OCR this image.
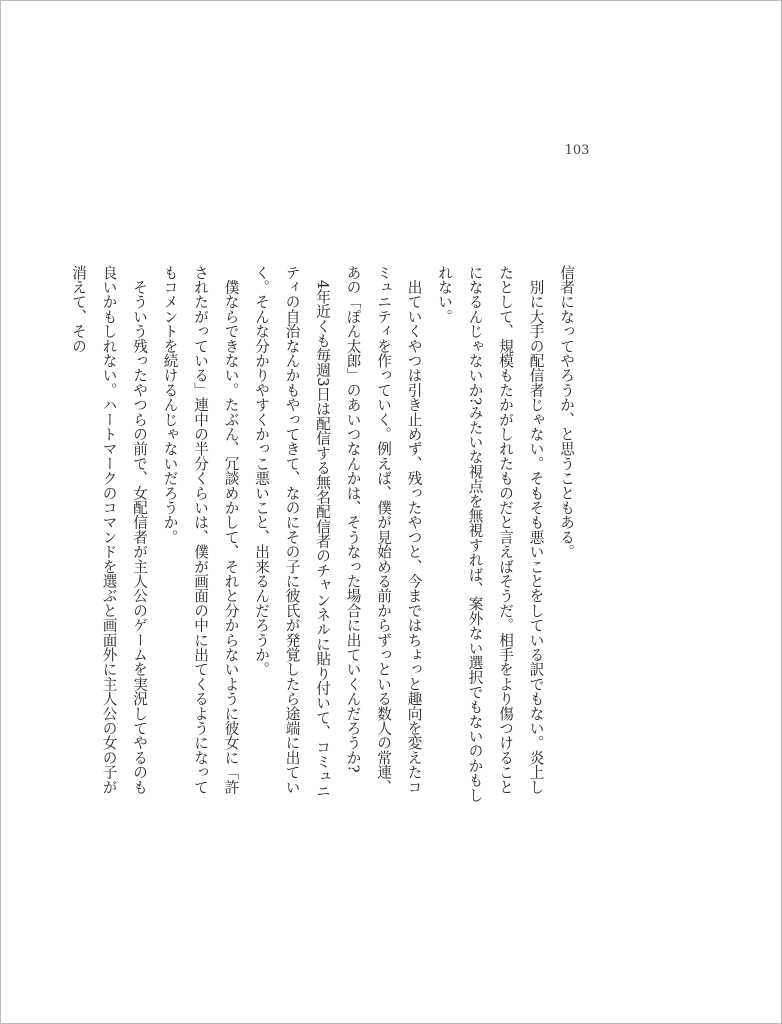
103

信者になってやろうか、と思うこともある。

　別に大手の配信者じゃない。そもそも悪いことをしている訳でもない。炎上したとして、規模もたかがしれたものだと言えばそうだ。相手をより傷つけることになるんじゃないか?みたいな視点を無視すれば、案外ない選択でもないのかもしれない。

　出ていくやつは引き止めず、残ったやつと、今まではちょっと趣向を変えたコミュニティを作っていく。例えば、僕が見始める前からずっといる数人の常連、あの「ぽん太郎」のあいつなんかは、そうなった場合に出ていくんだろうか?

　4年近くも毎週3日は配信する無名配信者のチャンネルに貼り付いて、コミュニティの自治なんかもやってきて、なのにその子に彼氏が発覚したら途端に出ていく。そんな分かりやすくかっこ悪いこと、出来るんだろうか。

　僕ならできない。たぶん、冗談めかして、それと分からないように彼女に「許されたがっている」連中の半分くらいは、僕が画面の中に出てくるようになってもコメントを続けるんじゃないだろうか。

　そういう残ったやつらの前で、女配信者が主人公のゲームを実況してやるのも良いかもしれない。ハートマークのコマンドを選ぶと画面外に主人公の女の子が消えて、その
